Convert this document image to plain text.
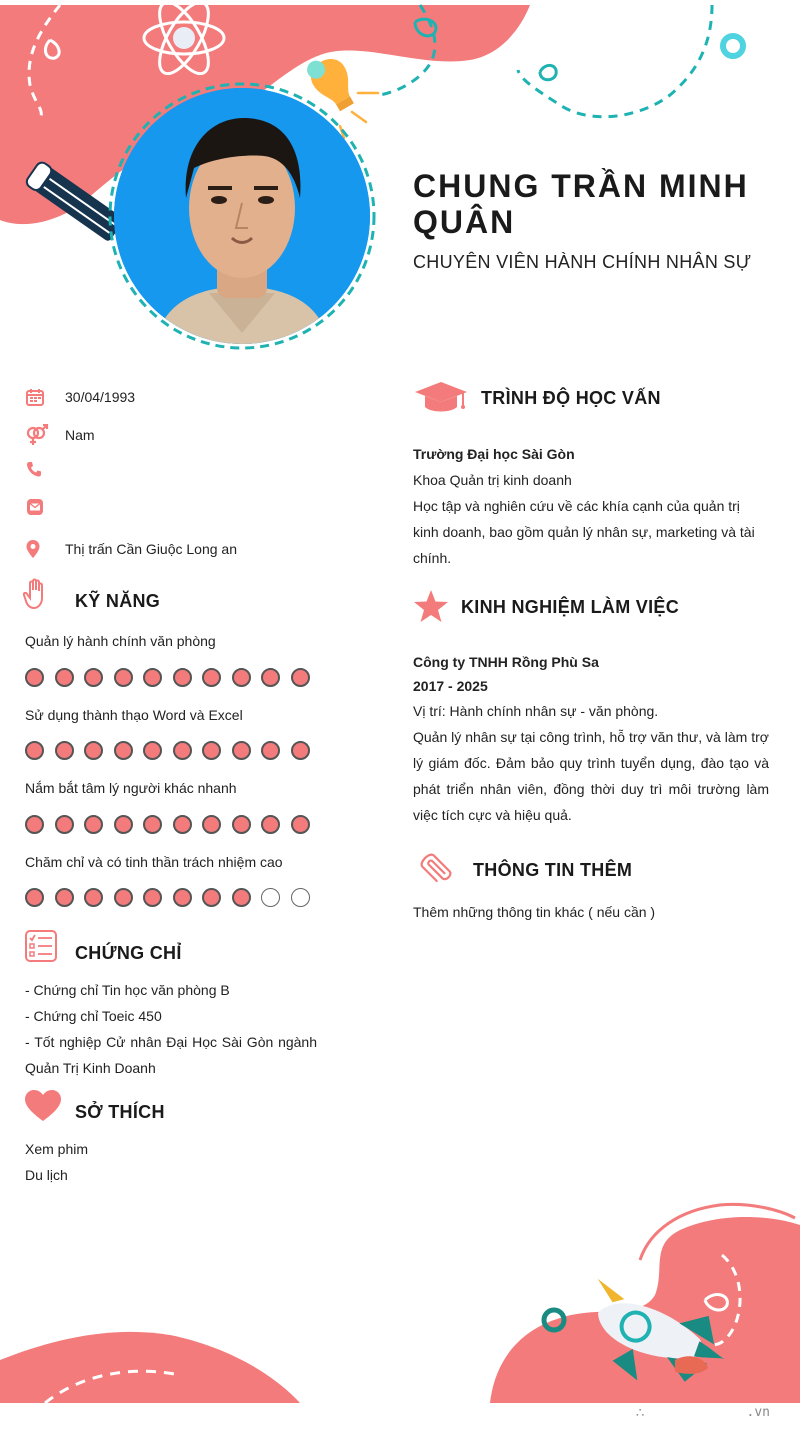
CHUNG TRẦN MINH QUÂN
CHUYÊN VIÊN HÀNH CHÍNH NHÂN SỰ
30/04/1993
Nam
Thị trấn Cần Giuộc Long an
KỸ NĂNG
Quản lý hành chính văn phòng
Sử dụng thành thạo Word và Excel
Nắm bắt tâm lý người khác nhanh
Chăm chỉ và có tinh thần trách nhiệm cao
CHỨNG CHỈ
- Chứng chỉ Tin học văn phòng B
- Chứng chỉ Toeic 450
- Tốt nghiệp Cử nhân Đại Học Sài Gòn ngành Quản Trị Kinh Doanh
SỞ THÍCH
Xem phim
Du lịch
TRÌNH ĐỘ HỌC VẤN
Trường Đại học Sài Gòn
Khoa Quản trị kinh doanh
Học tập và nghiên cứu về các khía cạnh của quản trị kinh doanh, bao gồm quản lý nhân sự, marketing và tài chính.
KINH NGHIỆM LÀM VIỆC
Công ty TNHH Rồng Phù Sa
2017 - 2025
Vị trí: Hành chính nhân sự - văn phòng.
Quản lý nhân sự tại công trình, hỗ trợ văn thư, và làm trợ lý giám đốc. Đảm bảo quy trình tuyển dụng, đào tạo và phát triển nhân viên, đồng thời duy trì môi trường làm việc tích cực và hiệu quả.
THÔNG TIN THÊM
Thêm những thông tin khác ( nếu cần )
∴	.vn
